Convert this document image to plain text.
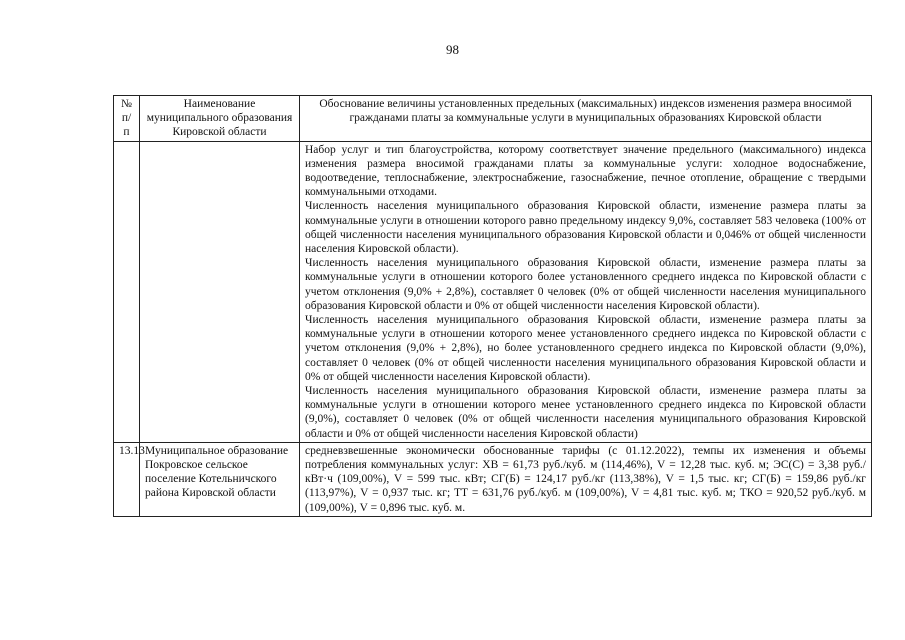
98
№ п/п	Наименование муниципального образования Кировской области	Обоснование величины установленных предельных (максимальных) индексов изменения размера вносимой гражданами платы за коммунальные услуги в муниципальных образованиях Кировской области

		Набор услуг и тип благоустройства, которому соответствует значение предельного (максимального) индекса изменения размера вносимой гражданами платы за коммунальные услуги: холодное водоснабжение, водоотведение, теплоснабжение, электроснабжение, газоснабжение, печное отопление, обращение с твердыми коммунальными отходами.

Численность населения муниципального образования Кировской области, изменение размера платы за коммунальные услуги в отношении которого равно предельному индексу 9,0%, составляет 583 человека (100% от общей численности населения муниципального образования Кировской области и 0,046% от общей численности населения Кировской области).

Численность населения муниципального образования Кировской области, изменение размера платы за коммунальные услуги в отношении которого более установленного среднего индекса по Кировской области с учетом отклонения (9,0% + 2,8%), составляет 0 человек (0% от общей численности населения муниципального образования Кировской области и 0% от общей численности населения Кировской области).

Численность населения муниципального образования Кировской области, изменение размера платы за коммунальные услуги в отношении которого менее установленного среднего индекса по Кировской области с учетом отклонения (9,0% + 2,8%), но более установленного среднего индекса по Кировской области (9,0%), составляет 0 человек (0% от общей численности населения муниципального образования Кировской области и 0% от общей численности населения Кировской области).

Численность населения муниципального образования Кировской области, изменение размера платы за коммунальные услуги в отношении которого менее установленного среднего индекса по Кировской области (9,0%), составляет 0 человек (0% от общей численности населения муниципального образования Кировской области и 0% от общей численности населения Кировской области)

13.13	Муниципальное образование Покровское сельское поселение Котельничского района Кировской области	средневзвешенные экономически обоснованные тарифы (с 01.12.2022), темпы их изменения и объемы потребления коммунальных услуг: ХВ = 61,73 руб./куб. м (114,46%), V = 12,28 тыс. куб. м; ЭС(С) = 3,38 руб./кВт·ч (109,00%), V = 599 тыс. кВт; СГ(Б) = 124,17 руб./кг (113,38%), V = 1,5 тыс. кг; СГ(Б) = 159,86 руб./кг (113,97%), V = 0,937 тыс. кг; ТТ = 631,76 руб./куб. м (109,00%), V = 4,81 тыс. куб. м; ТКО = 920,52 руб./куб. м (109,00%), V = 0,896 тыс. куб. м.
